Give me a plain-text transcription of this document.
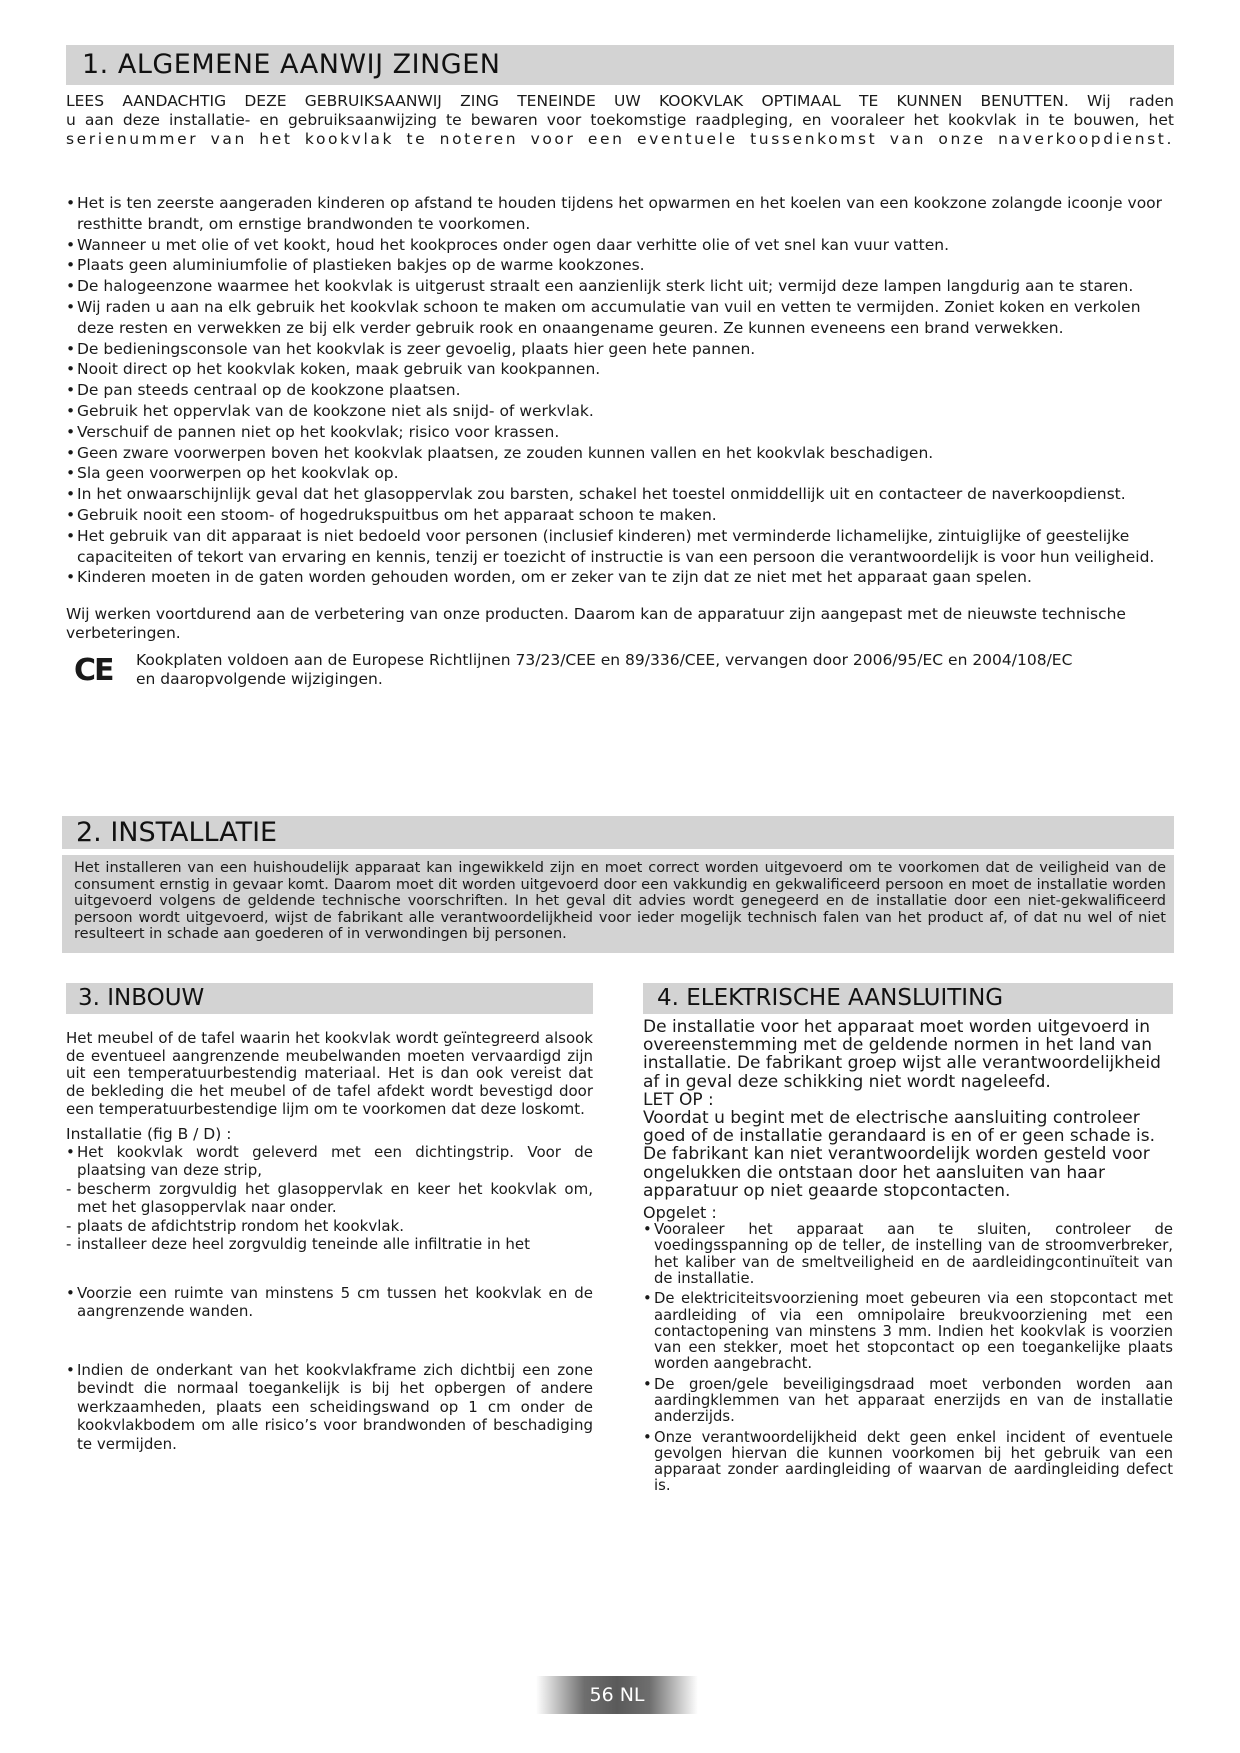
1. ALGEMENE AANWIJ ZINGEN
LEES AANDACHTIG DEZE GEBRUIKSAANWIJ ZING TENEINDE UW KOOKVLAK OPTIMAAL TE KUNNEN BENUTTEN. Wij raden
u aan deze installatie- en gebruiksaanwijzing te bewaren voor toekomstige raadpleging, en vooraleer het kookvlak in te bouwen, het
serienummer van het kookvlak te noteren voor een eventuele tussenkomst van onze naverkoopdienst.
• Het is ten zeerste aangeraden kinderen op afstand te houden tijdens het opwarmen en het koelen van een kookzone zolangde icoonje voor resthitte brandt, om ernstige brandwonden te voorkomen.
• Wanneer u met olie of vet kookt, houd het kookproces onder ogen daar verhitte olie of vet snel kan vuur vatten.
• Plaats geen aluminiumfolie of plastieken bakjes op de warme kookzones.
• De halogeenzone waarmee het kookvlak is uitgerust straalt een aanzienlijk sterk licht uit; vermijd deze lampen langdurig aan te staren.
• Wij raden u aan na elk gebruik het kookvlak schoon te maken om accumulatie van vuil en vetten te vermijden. Zoniet koken en verkolen deze resten en verwekken ze bij elk verder gebruik rook en onaangename geuren. Ze kunnen eveneens een brand verwekken.
• De bedieningsconsole van het kookvlak is zeer gevoelig, plaats hier geen hete pannen.
• Nooit direct op het kookvlak koken, maak gebruik van kookpannen.
• De pan steeds centraal op de kookzone plaatsen.
• Gebruik het oppervlak van de kookzone niet als snijd- of werkvlak.
• Verschuif de pannen niet op het kookvlak; risico voor krassen.
• Geen zware voorwerpen boven het kookvlak plaatsen, ze zouden kunnen vallen en het kookvlak beschadigen.
• Sla geen voorwerpen op het kookvlak op.
• In het onwaarschijnlijk geval dat het glasoppervlak zou barsten, schakel het toestel onmiddellijk uit en contacteer de naverkoopdienst.
• Gebruik nooit een stoom- of hogedrukspuitbus om het apparaat schoon te maken.
• Het gebruik van dit apparaat is niet bedoeld voor personen (inclusief kinderen) met verminderde lichamelijke, zintuiglijke of geestelijke capaciteiten of tekort van ervaring en kennis, tenzij er toezicht of instructie is van een persoon die verantwoordelijk is voor hun veiligheid.
• Kinderen moeten in de gaten worden gehouden worden, om er zeker van te zijn dat ze niet met het apparaat gaan spelen.
Wij werken voortdurend aan de verbetering van onze producten. Daarom kan de apparatuur zijn aangepast met de nieuwste technische verbeteringen.
CE	Kookplaten voldoen aan de Europese Richtlijnen 73/23/CEE en 89/336/CEE, vervangen door 2006/95/EC en 2004/108/EC
en daaropvolgende wijzigingen.
2. INSTALLATIE
Het installeren van een huishoudelijk apparaat kan ingewikkeld zijn en moet correct worden uitgevoerd om te voorkomen dat de veiligheid van de consument ernstig in gevaar komt. Daarom moet dit worden uitgevoerd door een vakkundig en gekwalificeerd persoon en moet de installatie worden uitgevoerd volgens de geldende technische voorschriften. In het geval dit advies wordt genegeerd en de installatie door een niet-gekwalificeerd persoon wordt uitgevoerd, wijst de fabrikant alle verantwoordelijkheid voor ieder mogelijk technisch falen van het product af, of dat nu wel of niet resulteert in schade aan goederen of in verwondingen bij personen.
3. INBOUW
Het meubel of de tafel waarin het kookvlak wordt geïntegreerd alsook de eventueel aangrenzende meubelwanden moeten vervaardigd zijn uit een temperatuurbestendig materiaal. Het is dan ook vereist dat de bekleding die het meubel of de tafel afdekt wordt bevestigd door een temperatuurbestendige lijm om te voorkomen dat deze loskomt.
Installatie (fig B / D) :
• Het kookvlak wordt geleverd met een dichtingstrip. Voor de plaatsing van deze strip,
- bescherm zorgvuldig het glasoppervlak en keer het kookvlak om, met het glasoppervlak naar onder.
- plaats de afdichtstrip rondom het kookvlak.
- installeer deze heel zorgvuldig teneinde alle infiltratie in het
• Voorzie een ruimte van minstens 5 cm tussen het kookvlak en de aangrenzende wanden.
• Indien de onderkant van het kookvlakframe zich dichtbij een zone bevindt die normaal toegankelijk is bij het opbergen of andere werkzaamheden, plaats een scheidingswand op 1 cm onder de kookvlakbodem om alle risico’s voor brandwonden of beschadiging te vermijden.
4. ELEKTRISCHE AANSLUITING
De installatie voor het apparaat moet worden uitgevoerd in overeenstemming met de geldende normen in het land van installatie. De fabrikant groep wijst alle verantwoordelijkheid af in geval deze schikking niet wordt nageleefd.
LET OP :
Voordat u begint met de electrische aansluiting controleer goed of de installatie gerandaard is en of er geen schade is. De fabrikant kan niet verantwoordelijk worden gesteld voor ongelukken die ontstaan door het aansluiten van haar apparatuur op niet geaarde stopcontacten.
Opgelet :
• Vooraleer het apparaat aan te sluiten, controleer de voedingsspanning op de teller, de instelling van de stroomverbreker, het kaliber van de smeltveiligheid en de aardleidingcontinuïteit van de installatie.
• De elektriciteitsvoorziening moet gebeuren via een stopcontact met aardleiding of via een omnipolaire breukvoorziening met een contactopening van minstens 3 mm. Indien het kookvlak is voorzien van een stekker, moet het stopcontact op een toegankelijke plaats worden aangebracht.
• De groen/gele beveiligingsdraad moet verbonden worden aan aardingklemmen van het apparaat enerzijds en van de installatie anderzijds.
• Onze verantwoordelijkheid dekt geen enkel incident of eventuele gevolgen hiervan die kunnen voorkomen bij het gebruik van een apparaat zonder aardingleiding of waarvan de aardingleiding defect is.
56 NL
